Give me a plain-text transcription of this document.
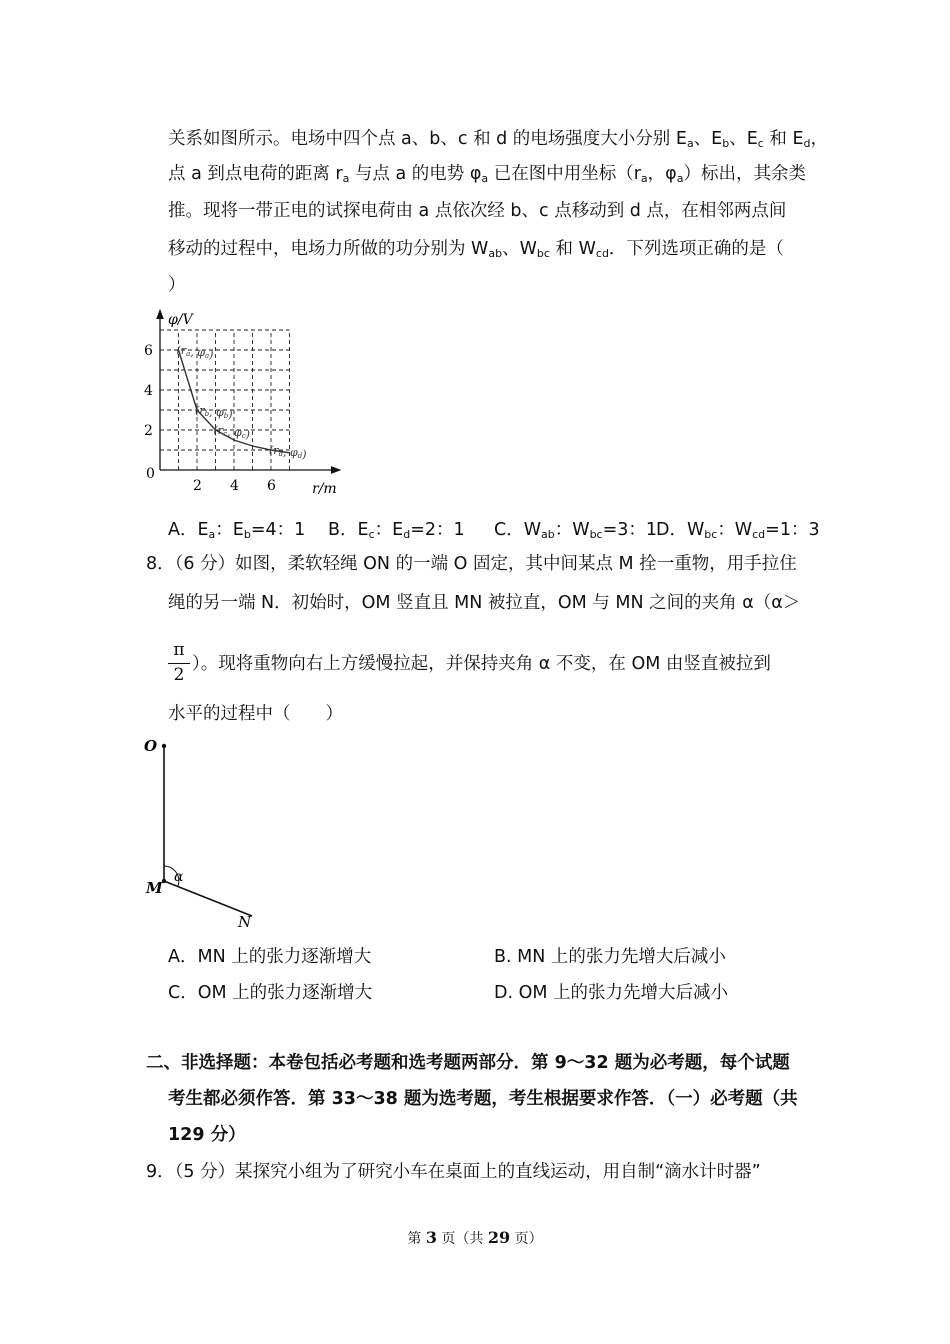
关系如图所示。电场中四个点 a、b、c 和 d 的电场强度大小分别 $E_a$、$E_b$、$E_c$ 和 $E_d$，
点 a 到点电荷的距离 $r_a$ 与点 a 的电势 $\varphi_a$ 已在图中用坐标（$r_a$，$\varphi_a$）标出，其余类
推。现将一带正电的试探电荷由 a 点依次经 b、c 点移动到 d 点，在相邻两点间
移动的过程中，电场力所做的功分别为 $W_{ab}$、$W_{bc}$ 和 $W_{cd}$．下列选项正确的是（
）
φ/V
r/m
0
2 4 6
6
4
2
(ra, φa)
(rb, φb)
(rc, φc)
(rd, φd)
A．$E_a$：$E_b=4$：1 B．$E_c$：$E_d=2$：1 C．$W_{ab}$：$W_{bc}=3$：1
D．$W_{bc}$：$W_{cd}=1$：3
8．（6 分）如图，柔软轻绳 ON 的一端 O 固定，其中间某点 M 拴一重物，用手拉住
绳的另一端 N．初始时，OM 竖直且 MN 被拉直，OM 与 MN 之间的夹角 α（α＞
π
2
）。现将重物向右上方缓慢拉起，并保持夹角 α 不变，在 OM 由竖直被拉到
水平的过程中（　　）
O
M
N
α
A．MN 上的张力逐渐增大	B. MN 上的张力先增大后减小
C．OM 上的张力逐渐增大	D. OM 上的张力先增大后减小
二、非选择题：本卷包括必考题和选考题两部分．第 9～32 题为必考题，每个试题
考生都必须作答．第 33～38 题为选考题，考生根据要求作答．（一）必考题（共
129 分）
9．（5 分）某探究小组为了研究小车在桌面上的直线运动，用自制“滴水计时器”
第 3 页（共 29 页）
